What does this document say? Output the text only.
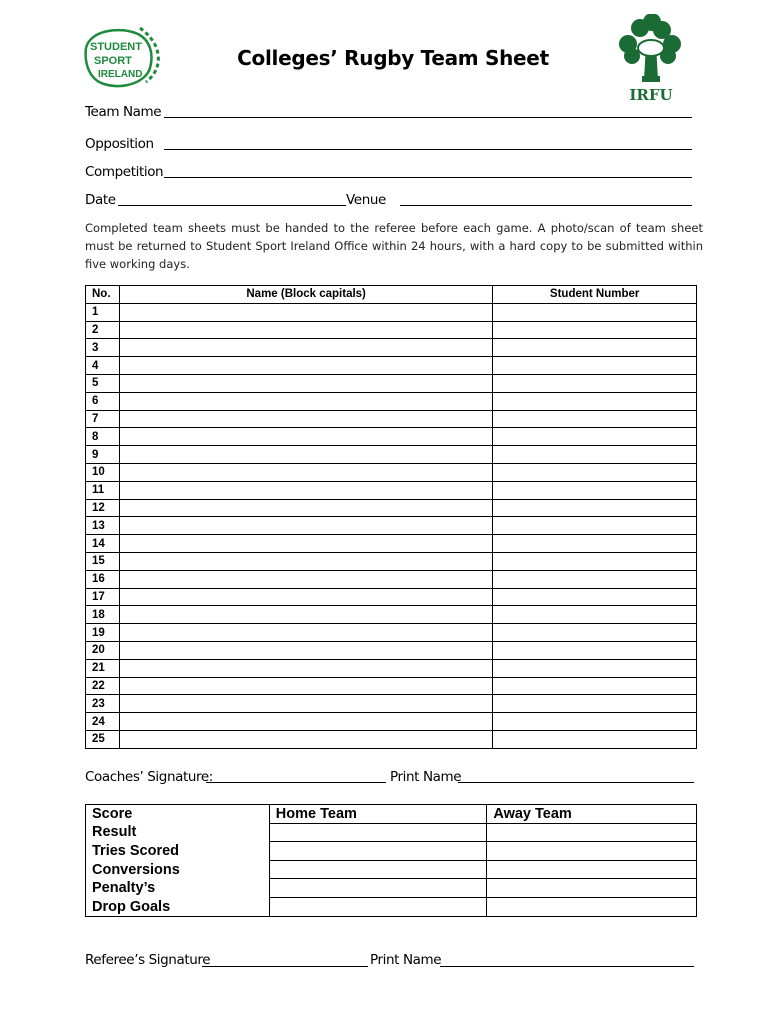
STUDENT
SPORT
IRELAND
Colleges’ Rugby Team Sheet
IRFU
Team Name
Opposition
Competition
Date	Venue
Completed team sheets must be handed to the referee before each game. A photo/scan of team sheet must be returned to Student Sport Ireland Office within 24 hours, with a hard copy to be submitted within five working days.
No.	Name (Block capitals)	Student Number
1		
2		
3		
4		
5		
6		
7		
8		
9		
10		
11		
12		
13		
14		
15		
16		
17		
18		
19		
20		
21		
22		
23		
24		
25		
Coaches’ Signature:	Print Name
Score	Home Team	Away Team
Result		
Tries Scored		
Conversions		
Penalty’s		
Drop Goals		
Referee’s Signature	Print Name
